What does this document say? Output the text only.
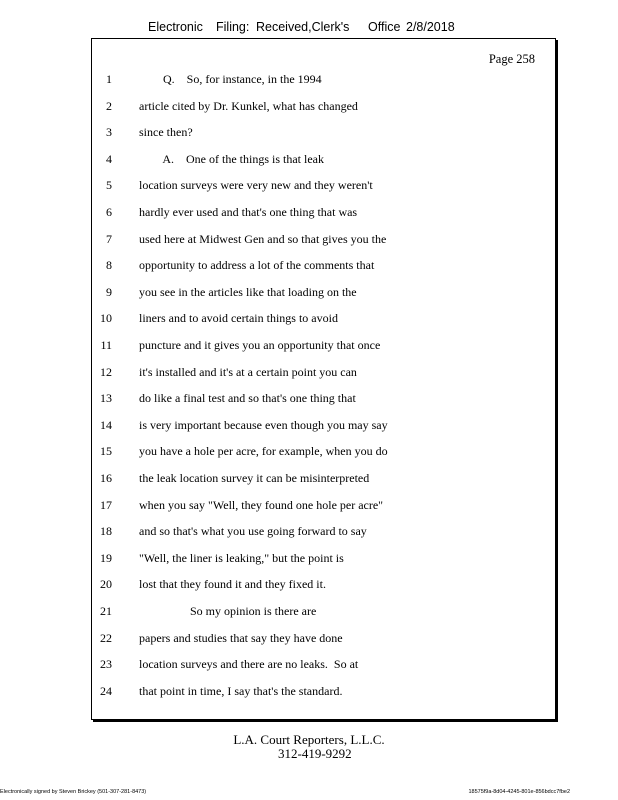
Electronic Filing: Received,Clerk's Office 2/8/2018
Page 258
1 Q.    So, for instance, in the 1994
2 article cited by Dr. Kunkel, what has changed
3 since then?
4 A.    One of the things is that leak
5 location surveys were very new and they weren't
6 hardly ever used and that's one thing that was
7 used here at Midwest Gen and so that gives you the
8 opportunity to address a lot of the comments that
9 you see in the articles like that loading on the
10 liners and to avoid certain things to avoid
11 puncture and it gives you an opportunity that once
12 it's installed and it's at a certain point you can
13 do like a final test and so that's one thing that
14 is very important because even though you may say
15 you have a hole per acre, for example, when you do
16 the leak location survey it can be misinterpreted
17 when you say "Well, they found one hole per acre"
18 and so that's what you use going forward to say
19 "Well, the liner is leaking," but the point is
20 lost that they found it and they fixed it.
21 So my opinion is there are
22 papers and studies that say they have done
23 location surveys and there are no leaks.  So at
24 that point in time, I say that's the standard.
L.A. Court Reporters, L.L.C.
312-419-9292
Electronically signed by Steven Brickey (501-307-281-8473)	18575f9a-8d04-4245-801e-856bdcc7fbe2
